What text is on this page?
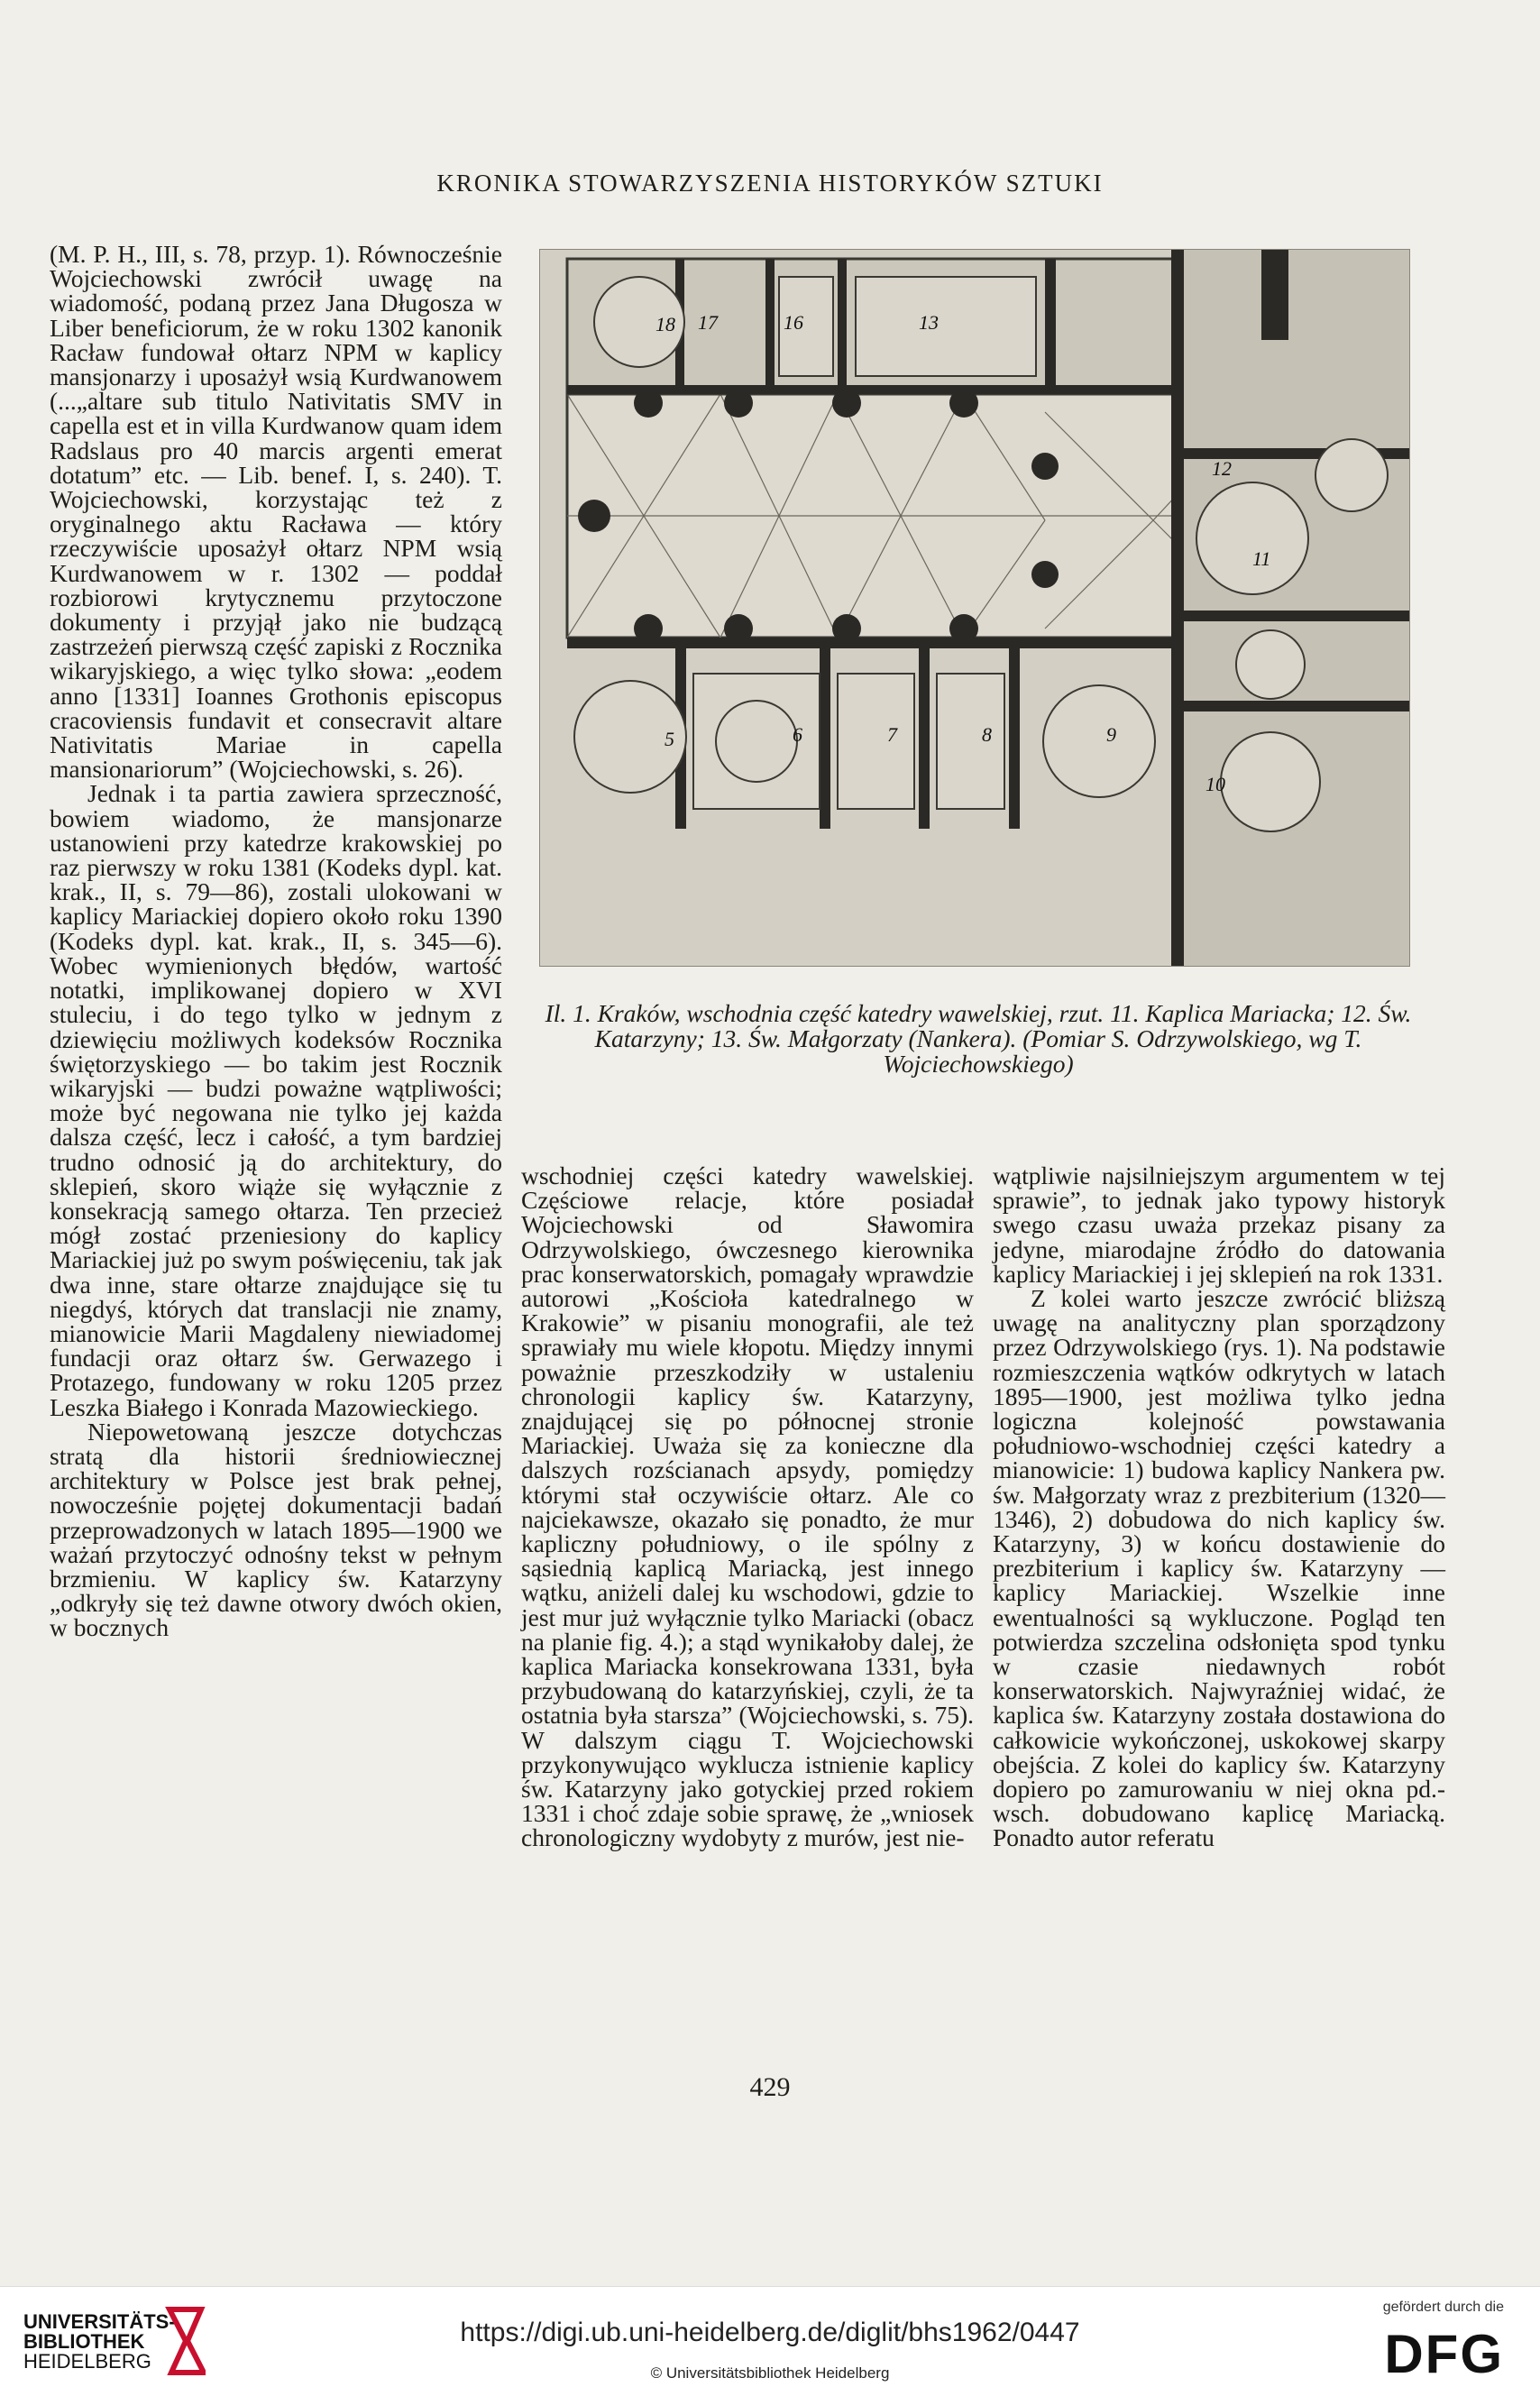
KRONIKA STOWARZYSZENIA HISTORYKÓW SZTUKI

(M. P. H., III, s. 78, przyp. 1). Równocześnie Wojciechowski zwrócił uwagę na wiadomość, podaną przez Jana Długosza w Liber beneficiorum, że w roku 1302 kanonik Racław fundował ołtarz NPM w kaplicy mansjonarzy i uposażył wsią Kurdwanowem (...„altare sub titulo Nativitatis SMV in capella est et in villa Kurdwanow quam idem Radslaus pro 40 marcis argenti emerat dotatum” etc. — Lib. benef. I, s. 240). T. Wojciechowski, korzystając też z oryginalnego aktu Racława — który rzeczywiście uposażył ołtarz NPM wsią Kurdwanowem w r. 1302 — poddał rozbiorowi krytycznemu przytoczone dokumenty i przyjął jako nie budzącą zastrzeżeń pierwszą część zapiski z Rocznika wikaryjskiego, a więc tylko słowa: „eodem anno [1331] Ioannes Grothonis episcopus cracoviensis fundavit et consecravit altare Nativitatis Mariae in capella mansionariorum” (Wojciechowski, s. 26).

Jednak i ta partia zawiera sprzeczność, bowiem wiadomo, że mansjonarze ustanowieni przy katedrze krakowskiej po raz pierwszy w roku 1381 (Kodeks dypl. kat. krak., II, s. 79—86), zostali ulokowani w kaplicy Mariackiej dopiero około roku 1390 (Kodeks dypl. kat. krak., II, s. 345—6). Wobec wymienionych błędów, wartość notatki, implikowanej dopiero w XVI stuleciu, i do tego tylko w jednym z dziewięciu możliwych kodeksów Rocznika świętorzyskiego — bo takim jest Rocznik wikaryjski — budzi poważne wątpliwości; może być negowana nie tylko jej każda dalsza część, lecz i całość, a tym bardziej trudno odnosić ją do architektury, do sklepień, skoro wiąże się wyłącznie z konsekracją samego ołtarza. Ten przecież mógł zostać przeniesiony do kaplicy Mariackiej już po swym poświęceniu, tak jak dwa inne, stare ołtarze znajdujące się tu niegdyś, których dat translacji nie znamy, mianowicie Marii Magdaleny niewiadomej fundacji oraz ołtarz św. Gerwazego i Protazego, fundowany w roku 1205 przez Leszka Białego i Konrada Mazowieckiego.

Niepowetowaną jeszcze dotychczas stratą dla historii średniowiecznej architektury w Polsce jest brak pełnej, nowocześnie pojętej dokumentacji badań przeprowadzonych w latach 1895—1900 we ważań przytoczyć odnośny tekst w pełnym brzmieniu. W kaplicy św. Katarzyny „odkryły się też dawne otwory dwóch okien, w bocznych

18 17	16	13
12
11
10
5	6	7	8	9
Il. 1. Kraków, wschodnia część katedry wawelskiej, rzut. 11. Kaplica Mariacka; 12. Św. Katarzyny; 13. Św. Małgorzaty (Nankera). (Pomiar S. Odrzywolskiego, wg T. Wojciechowskiego)

wschodniej części katedry wawelskiej. Częściowe relacje, które posiadał Wojciechowski od Sławomira Odrzywolskiego, ówczesnego kierownika prac konserwatorskich, pomagały wprawdzie autorowi „Kościoła katedralnego w Krakowie” w pisaniu monografii, ale też sprawiały mu wiele kłopotu. Między innymi poważnie przeszkodziły w ustaleniu chronologii kaplicy św. Katarzyny, znajdującej się po północnej stronie Mariackiej. Uważa się za konieczne dla dalszych rozścianach apsydy, pomiędzy którymi stał oczywiście ołtarz. Ale co najciekawsze, okazało się ponadto, że mur kapliczny południowy, o ile spólny z sąsiednią kaplicą Mariacką, jest innego wątku, aniżeli dalej ku wschodowi, gdzie to jest mur już wyłącznie tylko Mariacki (obacz na planie fig. 4.); a stąd wynikałoby dalej, że kaplica Mariacka konsekrowana 1331, była przybudowaną do katarzyńskiej, czyli, że ta ostatnia była starsza” (Wojciechowski, s. 75). W dalszym ciągu T. Wojciechowski przykonywująco wyklucza istnienie kaplicy św. Katarzyny jako gotyckiej przed rokiem 1331 i choć zdaje sobie sprawę, że „wniosek chronologiczny wydobyty z murów, jest nie-

wątpliwie najsilniejszym argumentem w tej sprawie”, to jednak jako typowy historyk swego czasu uważa przekaz pisany za jedyne, miarodajne źródło do datowania kaplicy Mariackiej i jej sklepień na rok 1331.

Z kolei warto jeszcze zwrócić bliższą uwagę na analityczny plan sporządzony przez Odrzywolskiego (rys. 1). Na podstawie rozmieszczenia wątków odkrytych w latach 1895—1900, jest możliwa tylko jedna logiczna kolejność powstawania południowo-wschodniej części katedry a mianowicie: 1) budowa kaplicy Nankera pw. św. Małgorzaty wraz z prezbiterium (1320—1346), 2) dobudowa do nich kaplicy św. Katarzyny, 3) w końcu dostawienie do prezbiterium i kaplicy św. Katarzyny — kaplicy Mariackiej. Wszelkie inne ewentualności są wykluczone. Pogląd ten potwierdza szczelina odsłonięta spod tynku w czasie niedawnych robót konserwatorskich. Najwyraźniej widać, że kaplica św. Katarzyny została dostawiona do całkowicie wykończonej, uskokowej skarpy obejścia. Z kolei do kaplicy św. Katarzyny dopiero po zamurowaniu w niej okna pd.-wsch. dobudowano kaplicę Mariacką. Ponadto autor referatu

429
UNIVERSITÄTS-
BIBLIOTHEK
HEIDELBERG
https://digi.ub.uni-heidelberg.de/diglit/bhs1962/0447
© Universitätsbibliothek Heidelberg
gefördert durch die
DFG
